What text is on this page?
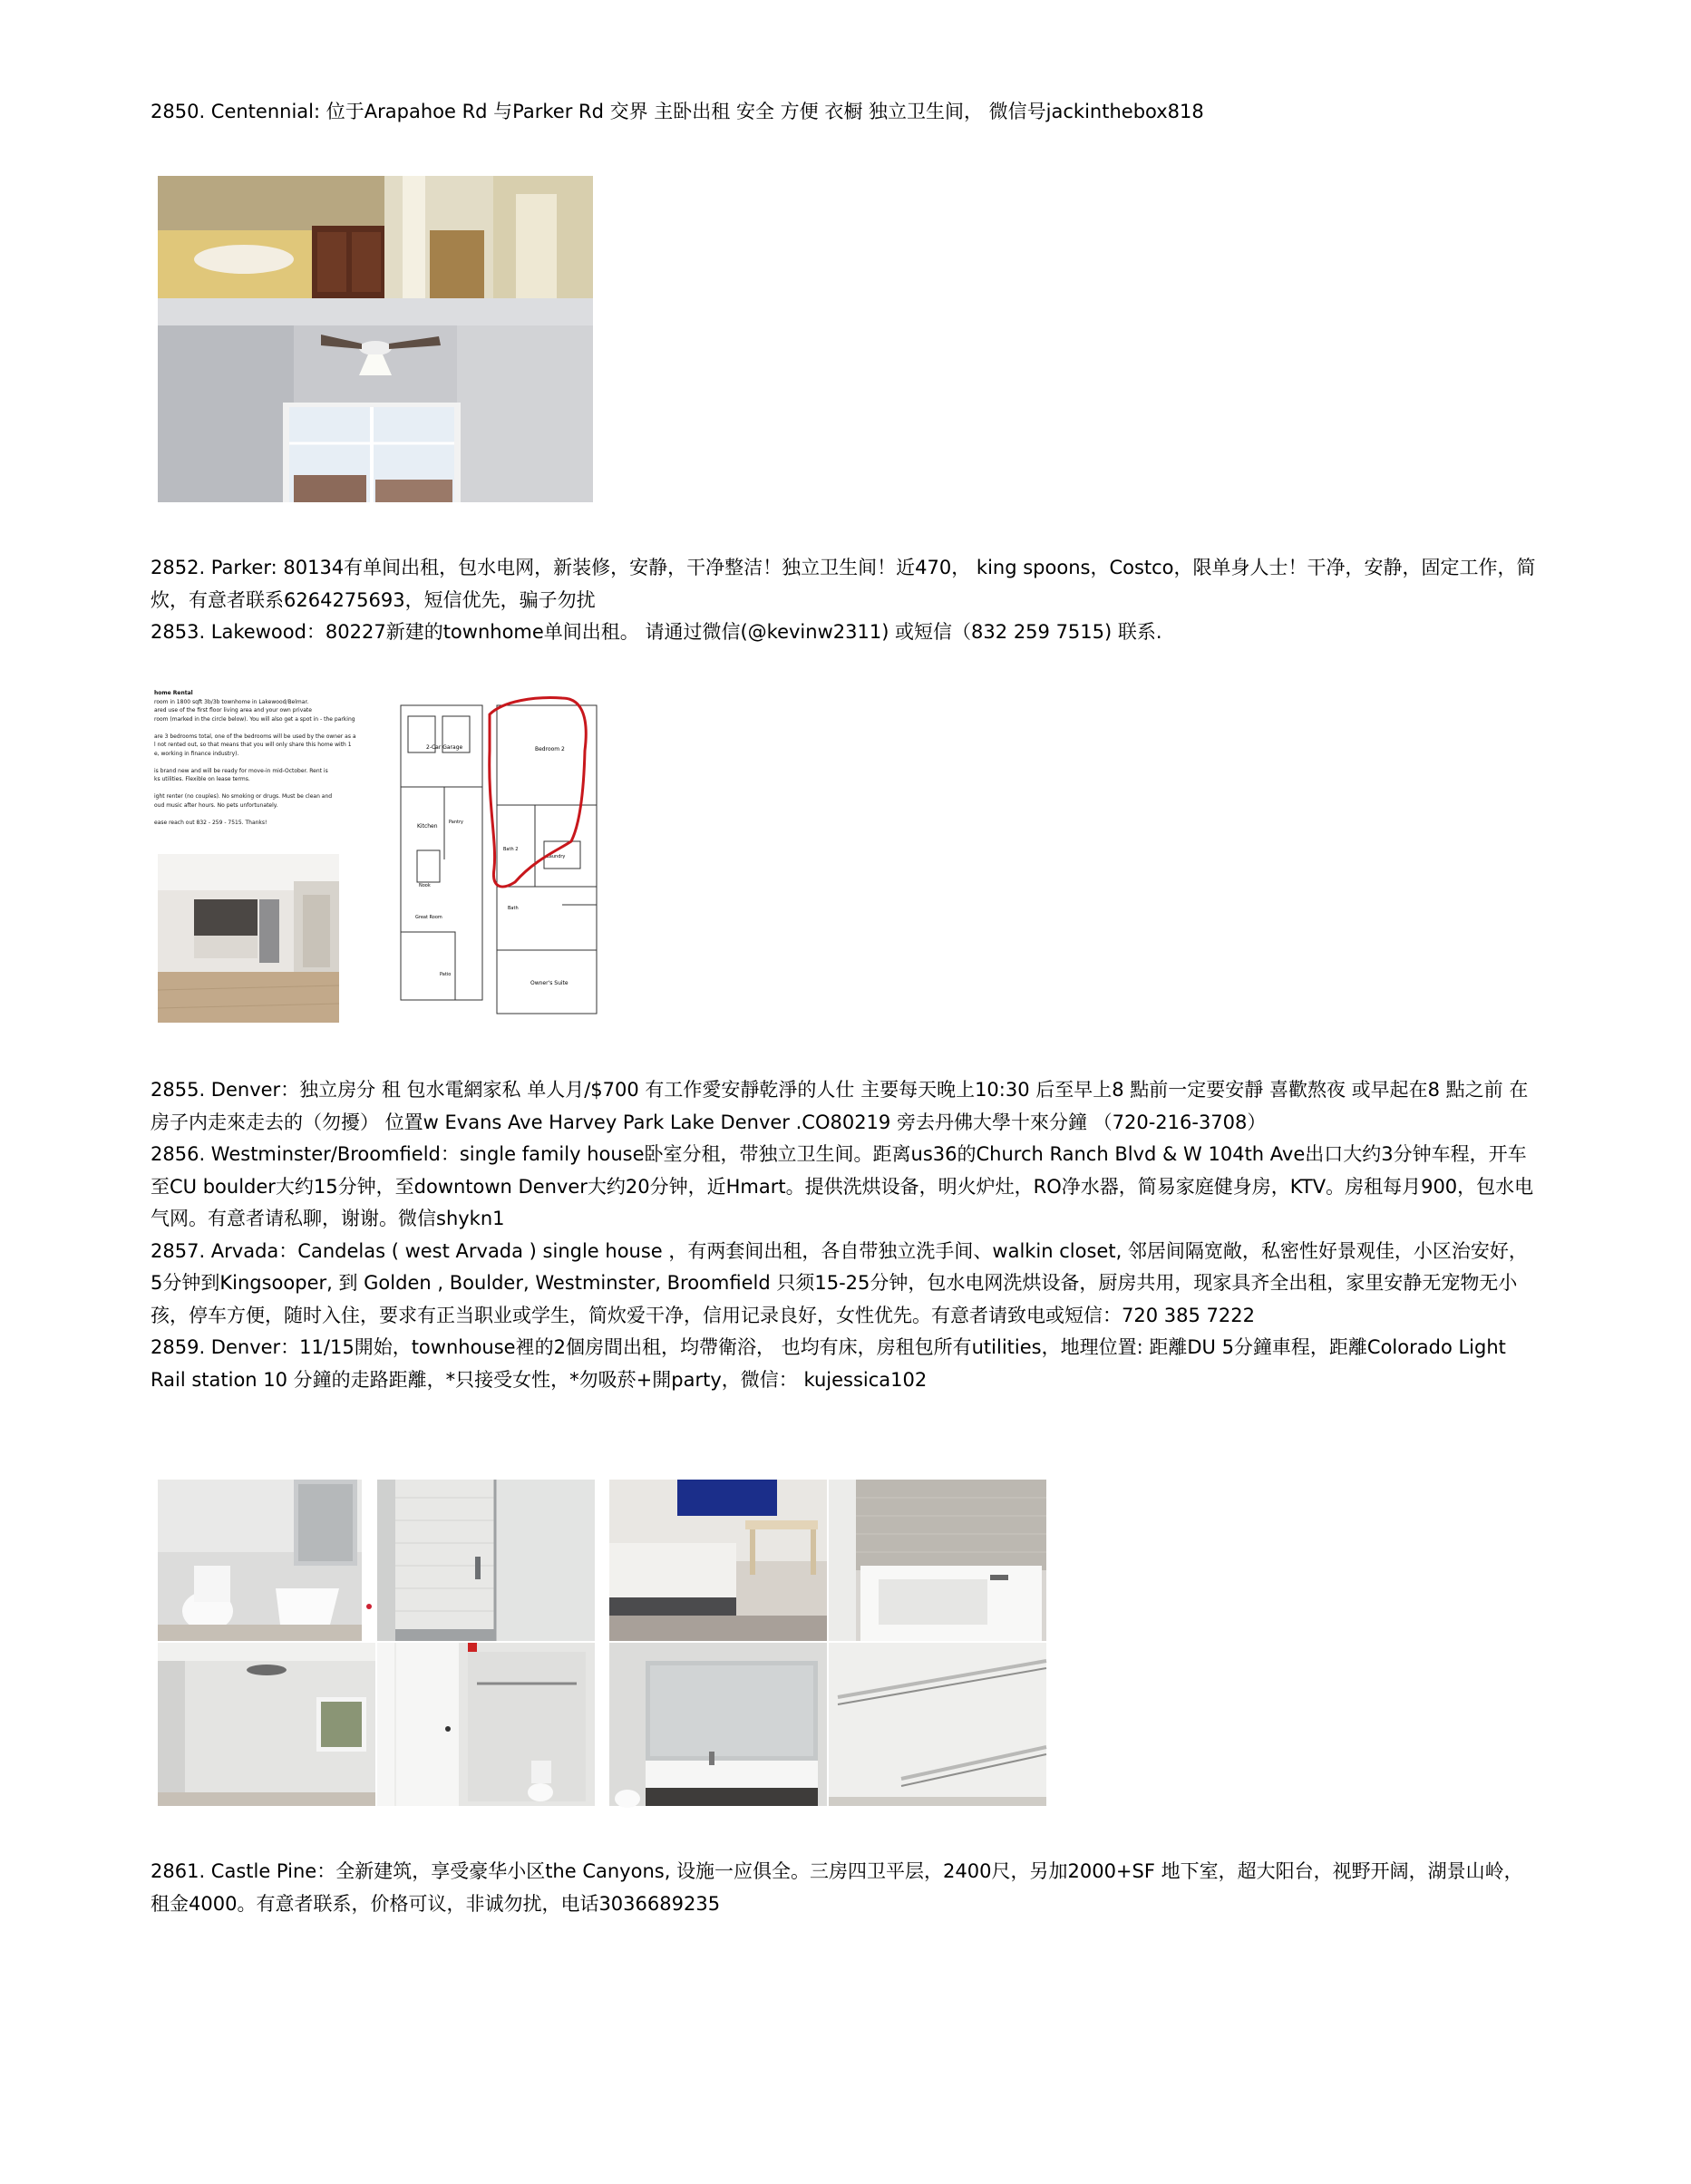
2850. Centennial: 位于Arapahoe Rd 与Parker Rd 交界 主卧出租 安全 方便 衣橱 独立卫生间， 微信号jackinthebox818

2852. Parker: 80134有单间出租，包水电网，新装修，安静，干净整洁！独立卫生间！近470， king spoons，Costco，限单身人士！干净，安静，固定工作，简炊，有意者联系6264275693，短信优先，骗子勿扰

2853. Lakewood：80227新建的townhome单间出租。 请通过微信(@kevinw2311) 或短信（832 259 7515) 联系.

home Rental
room in 1800 sqft 3b/3b townhome in Lakewood/Belmar.
ared use of the first floor living area and your own private
room (marked in the circle below). You will also get a spot in - the parking

are 3 bedrooms total, one of the bedrooms will be used by the owner as a
l not rented out, so that means that you will only share this home with 1
e, working in finance industry).

is brand new and will be ready for move-in mid-October. Rent is
ks utilities. Flexible on lease terms.

ight renter (no couples). No smoking or drugs. Must be clean and
oud music after hours. No pets unfortunately.

ease reach out 832 - 259 - 7515. Thanks!
2-Car Garage
Kitchen
Pantry
Nook
Great Room
Patio
Bedroom 2
Bath 2
Laundry
Bath
Owner's Suite

2855. Denver：独立房分 租 包水電網家私 单人月/$700 有工作愛安靜乾淨的人仕 主要每天晚上10:30 后至早上8 點前一定要安靜 喜歡熬夜 或早起在8 點之前 在房子内走來走去的（勿擾） 位置w Evans Ave Harvey Park Lake Denver .CO80219 旁去丹佛大學十來分鐘 （720-216-3708）

2856. Westminster/Broomfield：single family house卧室分租，带独立卫生间。距离us36的Church Ranch Blvd & W 104th Ave出口大约3分钟车程，开车至CU boulder大约15分钟，至downtown Denver大约20分钟，近Hmart。提供洗烘设备，明火炉灶，RO净水器，简易家庭健身房，KTV。房租每月900，包水电气网。有意者请私聊，谢谢。微信shykn1

2857. Arvada：Candelas ( west Arvada ) single house ，有两套间出租，各自带独立洗手间、walkin closet, 邻居间隔宽敞，私密性好景观佳，小区治安好，5分钟到Kingsooper, 到 Golden , Boulder, Westminster, Broomfield 只须15-25分钟，包水电网洗烘设备，厨房共用，现家具齐全出租，家里安静无宠物无小孩，停车方便，随时入住，要求有正当职业或学生，简炊爱干净，信用记录良好，女性优先。有意者请致电或短信：720 385 7222

2859. Denver：11/15開始，townhouse裡的2個房間出租，均帶衛浴， 也均有床，房租包所有utilities，地理位置: 距離DU 5分鐘車程，距離Colorado Light Rail station 10 分鐘的走路距離，*只接受女性，*勿吸菸+開party，微信： kujessica102

2861. Castle Pine：全新建筑，享受豪华小区the Canyons, 设施一应俱全。三房四卫平层，2400尺，另加2000+SF 地下室，超大阳台，视野开阔，湖景山岭，租金4000。有意者联系，价格可议，非诚勿扰，电话3036689235
